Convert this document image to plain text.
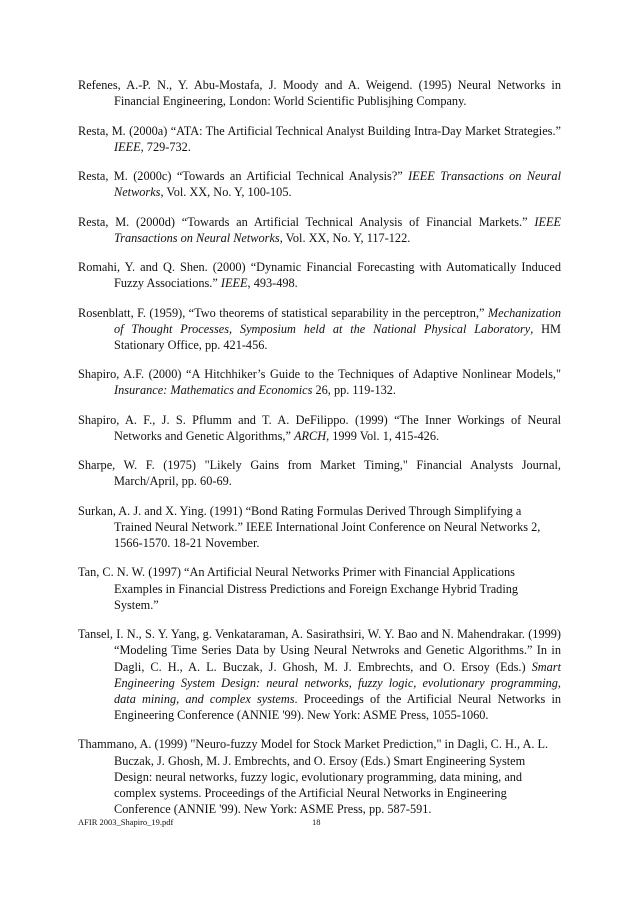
Refenes, A.-P. N., Y. Abu-Mostafa, J. Moody and A. Weigend. (1995) Neural Networks in Financial Engineering, London: World Scientific Publisjhing Company.

Resta, M. (2000a) “ATA: The Artificial Technical Analyst Building Intra-Day Market Strategies.” IEEE, 729-732.

Resta, M. (2000c) “Towards an Artificial Technical Analysis?” IEEE Transactions on Neural Networks, Vol. XX, No. Y, 100-105.

Resta, M. (2000d) “Towards an Artificial Technical Analysis of Financial Markets.” IEEE Transactions on Neural Networks, Vol. XX, No. Y, 117-122.

Romahi, Y. and Q. Shen. (2000) “Dynamic Financial Forecasting with Automatically Induced Fuzzy Associations.” IEEE, 493-498.

Rosenblatt, F. (1959), “Two theorems of statistical separability in the perceptron,” Mechanization of Thought Processes, Symposium held at the National Physical Laboratory, HM Stationary Office, pp. 421-456.

Shapiro, A.F. (2000) “A Hitchhiker’s Guide to the Techniques of Adaptive Nonlinear Models," Insurance: Mathematics and Economics 26, pp. 119-132.

Shapiro, A. F., J. S. Pflumm and T. A. DeFilippo. (1999) “The Inner Workings of Neural Networks and Genetic Algorithms,” ARCH, 1999 Vol. 1, 415-426.

Sharpe, W. F. (1975) "Likely Gains from Market Timing," Financial Analysts Journal, March/April, pp. 60-69.

Surkan, A. J. and X. Ying. (1991) “Bond Rating Formulas Derived Through Simplifying a Trained Neural Network.” IEEE International Joint Conference on Neural Networks 2, 1566-1570. 18-21 November.

Tan, C. N. W. (1997) “An Artificial Neural Networks Primer with Financial Applications Examples in Financial Distress Predictions and Foreign Exchange Hybrid Trading System.”

Tansel, I. N., S. Y. Yang, g. Venkataraman, A. Sasirathsiri, W. Y. Bao and N. Mahendrakar. (1999) “Modeling Time Series Data by Using Neural Netwroks and Genetic Algorithms.” In in Dagli, C. H., A. L. Buczak, J. Ghosh, M. J. Embrechts, and O. Ersoy (Eds.) Smart Engineering System Design: neural networks, fuzzy logic, evolutionary programming, data mining, and complex systems. Proceedings of the Artificial Neural Networks in Engineering Conference (ANNIE '99). New York: ASME Press, 1055-1060.

Thammano, A. (1999) "Neuro-fuzzy Model for Stock Market Prediction," in Dagli, C. H., A. L. Buczak, J. Ghosh, M. J. Embrechts, and O. Ersoy (Eds.) Smart Engineering System Design: neural networks, fuzzy logic, evolutionary programming, data mining, and complex systems. Proceedings of the Artificial Neural Networks in Engineering Conference (ANNIE '99). New York: ASME Press, pp. 587-591.

AFIR 2003_Shapiro_19.pdf	18
